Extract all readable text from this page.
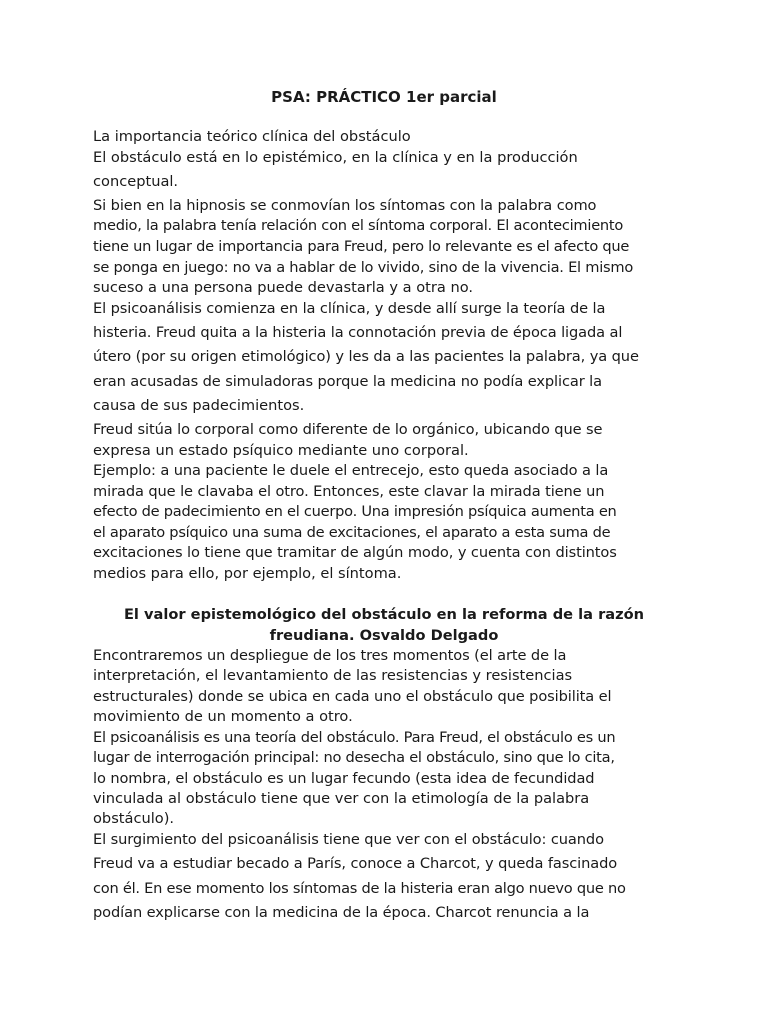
PSA: PRÁCTICO 1er parcial

La importancia teórico clínica del obstáculo

El obstáculo está en lo epistémico, en la clínica y en la producción

conceptual.

Si bien en la hipnosis se conmovían los síntomas con la palabra como

medio, la palabra tenía relación con el síntoma corporal. El acontecimiento

tiene un lugar de importancia para Freud, pero lo relevante es el afecto que

se ponga en juego: no va a hablar de lo vivido, sino de la vivencia. El mismo

suceso a una persona puede devastarla y a otra no.

El psicoanálisis comienza en la clínica, y desde allí surge la teoría de la

histeria. Freud quita a la histeria la connotación previa de época ligada al

útero (por su origen etimológico) y les da a las pacientes la palabra, ya que

eran acusadas de simuladoras porque la medicina no podía explicar la

causa de sus padecimientos.

Freud sitúa lo corporal como diferente de lo orgánico, ubicando que se

expresa un estado psíquico mediante uno corporal.

Ejemplo: a una paciente le duele el entrecejo, esto queda asociado a la

mirada que le clavaba el otro. Entonces, este clavar la mirada tiene un

efecto de padecimiento en el cuerpo. Una impresión psíquica aumenta en

el aparato psíquico una suma de excitaciones, el aparato a esta suma de

excitaciones lo tiene que tramitar de algún modo, y cuenta con distintos

medios para ello, por ejemplo, el síntoma.

El valor epistemológico del obstáculo en la reforma de la razón
freudiana. Osvaldo Delgado

Encontraremos un despliegue de los tres momentos (el arte de la

interpretación, el levantamiento de las resistencias y resistencias

estructurales) donde se ubica en cada uno el obstáculo que posibilita el

movimiento de un momento a otro.

El psicoanálisis es una teoría del obstáculo. Para Freud, el obstáculo es un

lugar de interrogación principal: no desecha el obstáculo, sino que lo cita,

lo nombra, el obstáculo es un lugar fecundo (esta idea de fecundidad

vinculada al obstáculo tiene que ver con la etimología de la palabra

obstáculo).

El surgimiento del psicoanálisis tiene que ver con el obstáculo: cuando

Freud va a estudiar becado a París, conoce a Charcot, y queda fascinado

con él. En ese momento los síntomas de la histeria eran algo nuevo que no

podían explicarse con la medicina de la época. Charcot renuncia a la
